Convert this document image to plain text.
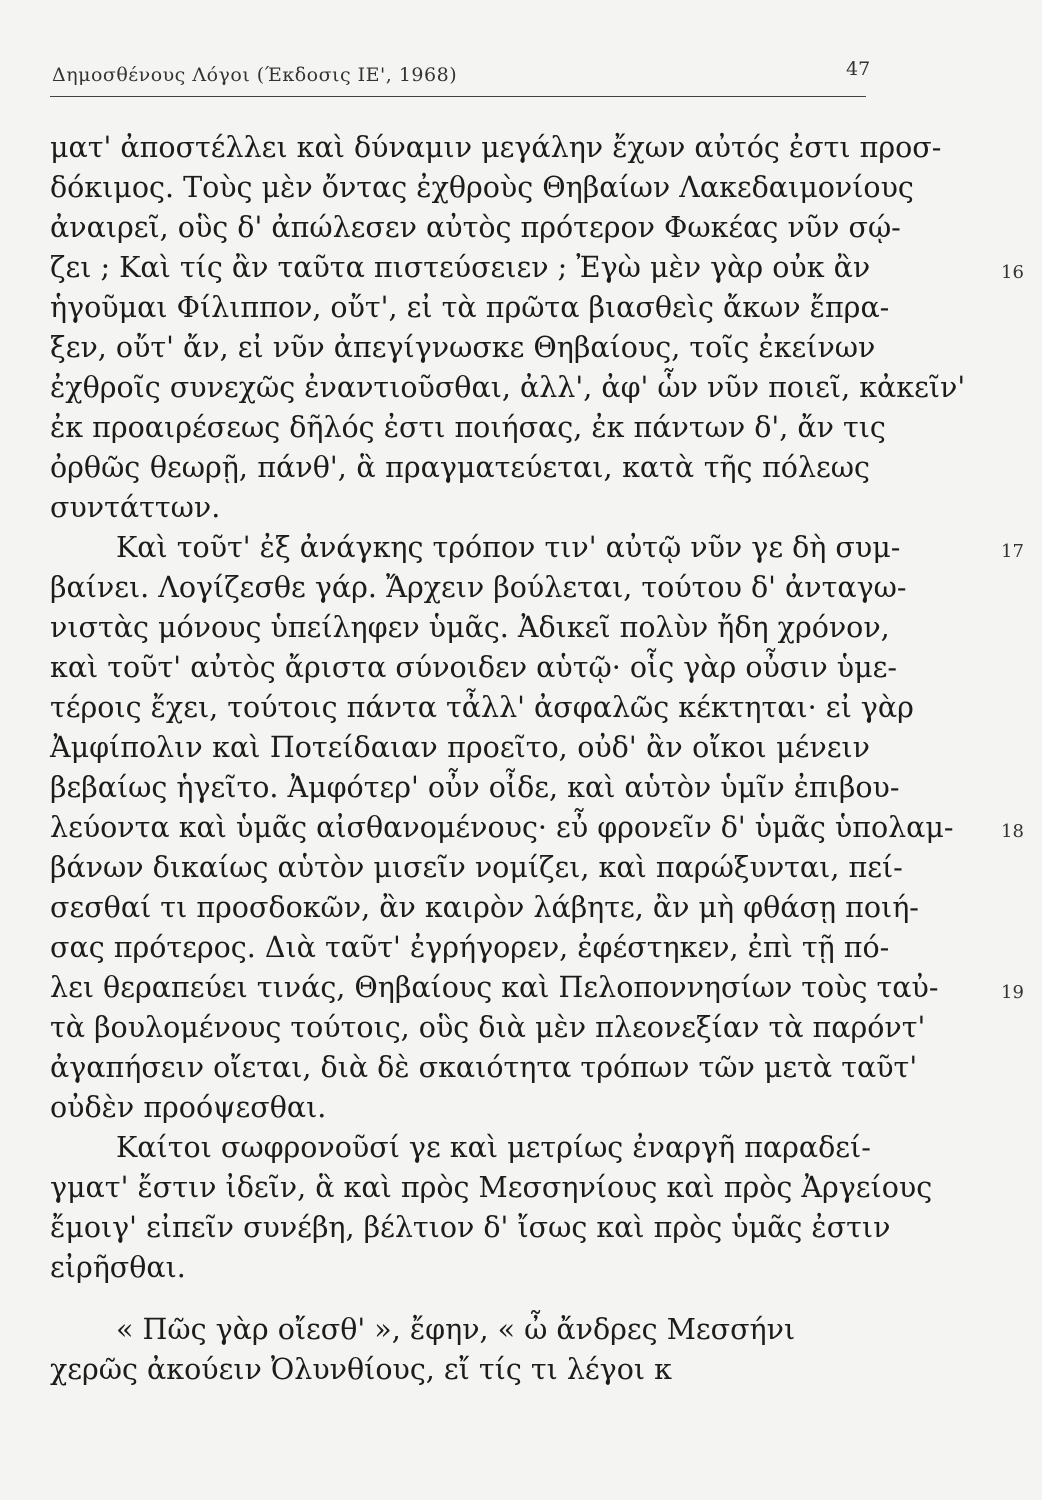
Δημοσθένους Λόγοι (Έκδοσις ΙΕ', 1968)	47
ματ' ἀποστέλλει καὶ δύναμιν μεγάλην ἔχων αὐτός ἐστι προσ-
δόκιμος. Τοὺς μὲν ὄντας ἐχθροὺς Θηβαίων Λακεδαιμονίους
ἀναιρεῖ, οὓς δ' ἀπώλεσεν αὐτὸς πρότερον Φωκέας νῦν σῴ-
ζει ; Καὶ τίς ἂν ταῦτα πιστεύσειεν ; Ἐγὼ μὲν γὰρ οὐκ ἂν
ἡγοῦμαι Φίλιππον, οὔτ', εἰ τὰ πρῶτα βιασθεὶς ἄκων ἔπρα-
ξεν, οὔτ' ἄν, εἰ νῦν ἀπεγίγνωσκε Θηβαίους, τοῖς ἐκείνων
ἐχθροῖς συνεχῶς ἐναντιοῦσθαι, ἀλλ', ἀφ' ὧν νῦν ποιεῖ, κἀκεῖν'
ἐκ προαιρέσεως δῆλός ἐστι ποιήσας, ἐκ πάντων δ', ἄν τις
ὀρθῶς θεωρῇ, πάνθ', ἃ πραγματεύεται, κατὰ τῆς πόλεως
συντάττων.
Καὶ τοῦτ' ἐξ ἀνάγκης τρόπον τιν' αὐτῷ νῦν γε δὴ συμ-
βαίνει. Λογίζεσθε γάρ. Ἄρχειν βούλεται, τούτου δ' ἀνταγω-
νιστὰς μόνους ὑπείληφεν ὑμᾶς. Ἀδικεῖ πολὺν ἤδη χρόνον,
καὶ τοῦτ' αὐτὸς ἄριστα σύνοιδεν αὑτῷ· οἷς γὰρ οὖσιν ὑμε-
τέροις ἔχει, τούτοις πάντα τἆλλ' ἀσφαλῶς κέκτηται· εἰ γὰρ
Ἀμφίπολιν καὶ Ποτείδαιαν προεῖτο, οὐδ' ἂν οἴκοι μένειν
βεβαίως ἡγεῖτο. Ἀμφότερ' οὖν οἶδε, καὶ αὑτὸν ὑμῖν ἐπιβου-
λεύοντα καὶ ὑμᾶς αἰσθανομένους· εὖ φρονεῖν δ' ὑμᾶς ὑπολαμ-
βάνων δικαίως αὑτὸν μισεῖν νομίζει, καὶ παρώξυνται, πεί-
σεσθαί τι προσδοκῶν, ἂν καιρὸν λάβητε, ἂν μὴ φθάσῃ ποιή-
σας πρότερος. Διὰ ταῦτ' ἐγρήγορεν, ἐφέστηκεν, ἐπὶ τῇ πό-
λει θεραπεύει τινάς, Θηβαίους καὶ Πελοποννησίων τοὺς ταὐ-
τὰ βουλομένους τούτοις, οὓς διὰ μὲν πλεονεξίαν τὰ παρόντ'
ἀγαπήσειν οἴεται, διὰ δὲ σκαιότητα τρόπων τῶν μετὰ ταῦτ'
οὐδὲν προόψεσθαι.
Καίτοι σωφρονοῦσί γε καὶ μετρίως ἐναργῆ παραδεί-
γματ' ἔστιν ἰδεῖν, ἃ καὶ πρὸς Μεσσηνίους καὶ πρὸς Ἀργείους
ἔμοιγ' εἰπεῖν συνέβη, βέλτιον δ' ἴσως καὶ πρὸς ὑμᾶς ἐστιν
εἰρῆσθαι.
« Πῶς γὰρ οἴεσθ' », ἔφην, « ὦ ἄνδρες Μεσσήνι
χερῶς ἀκούειν Ὀλυνθίους, εἴ τίς τι λέγοι κ
16
17
18
19
